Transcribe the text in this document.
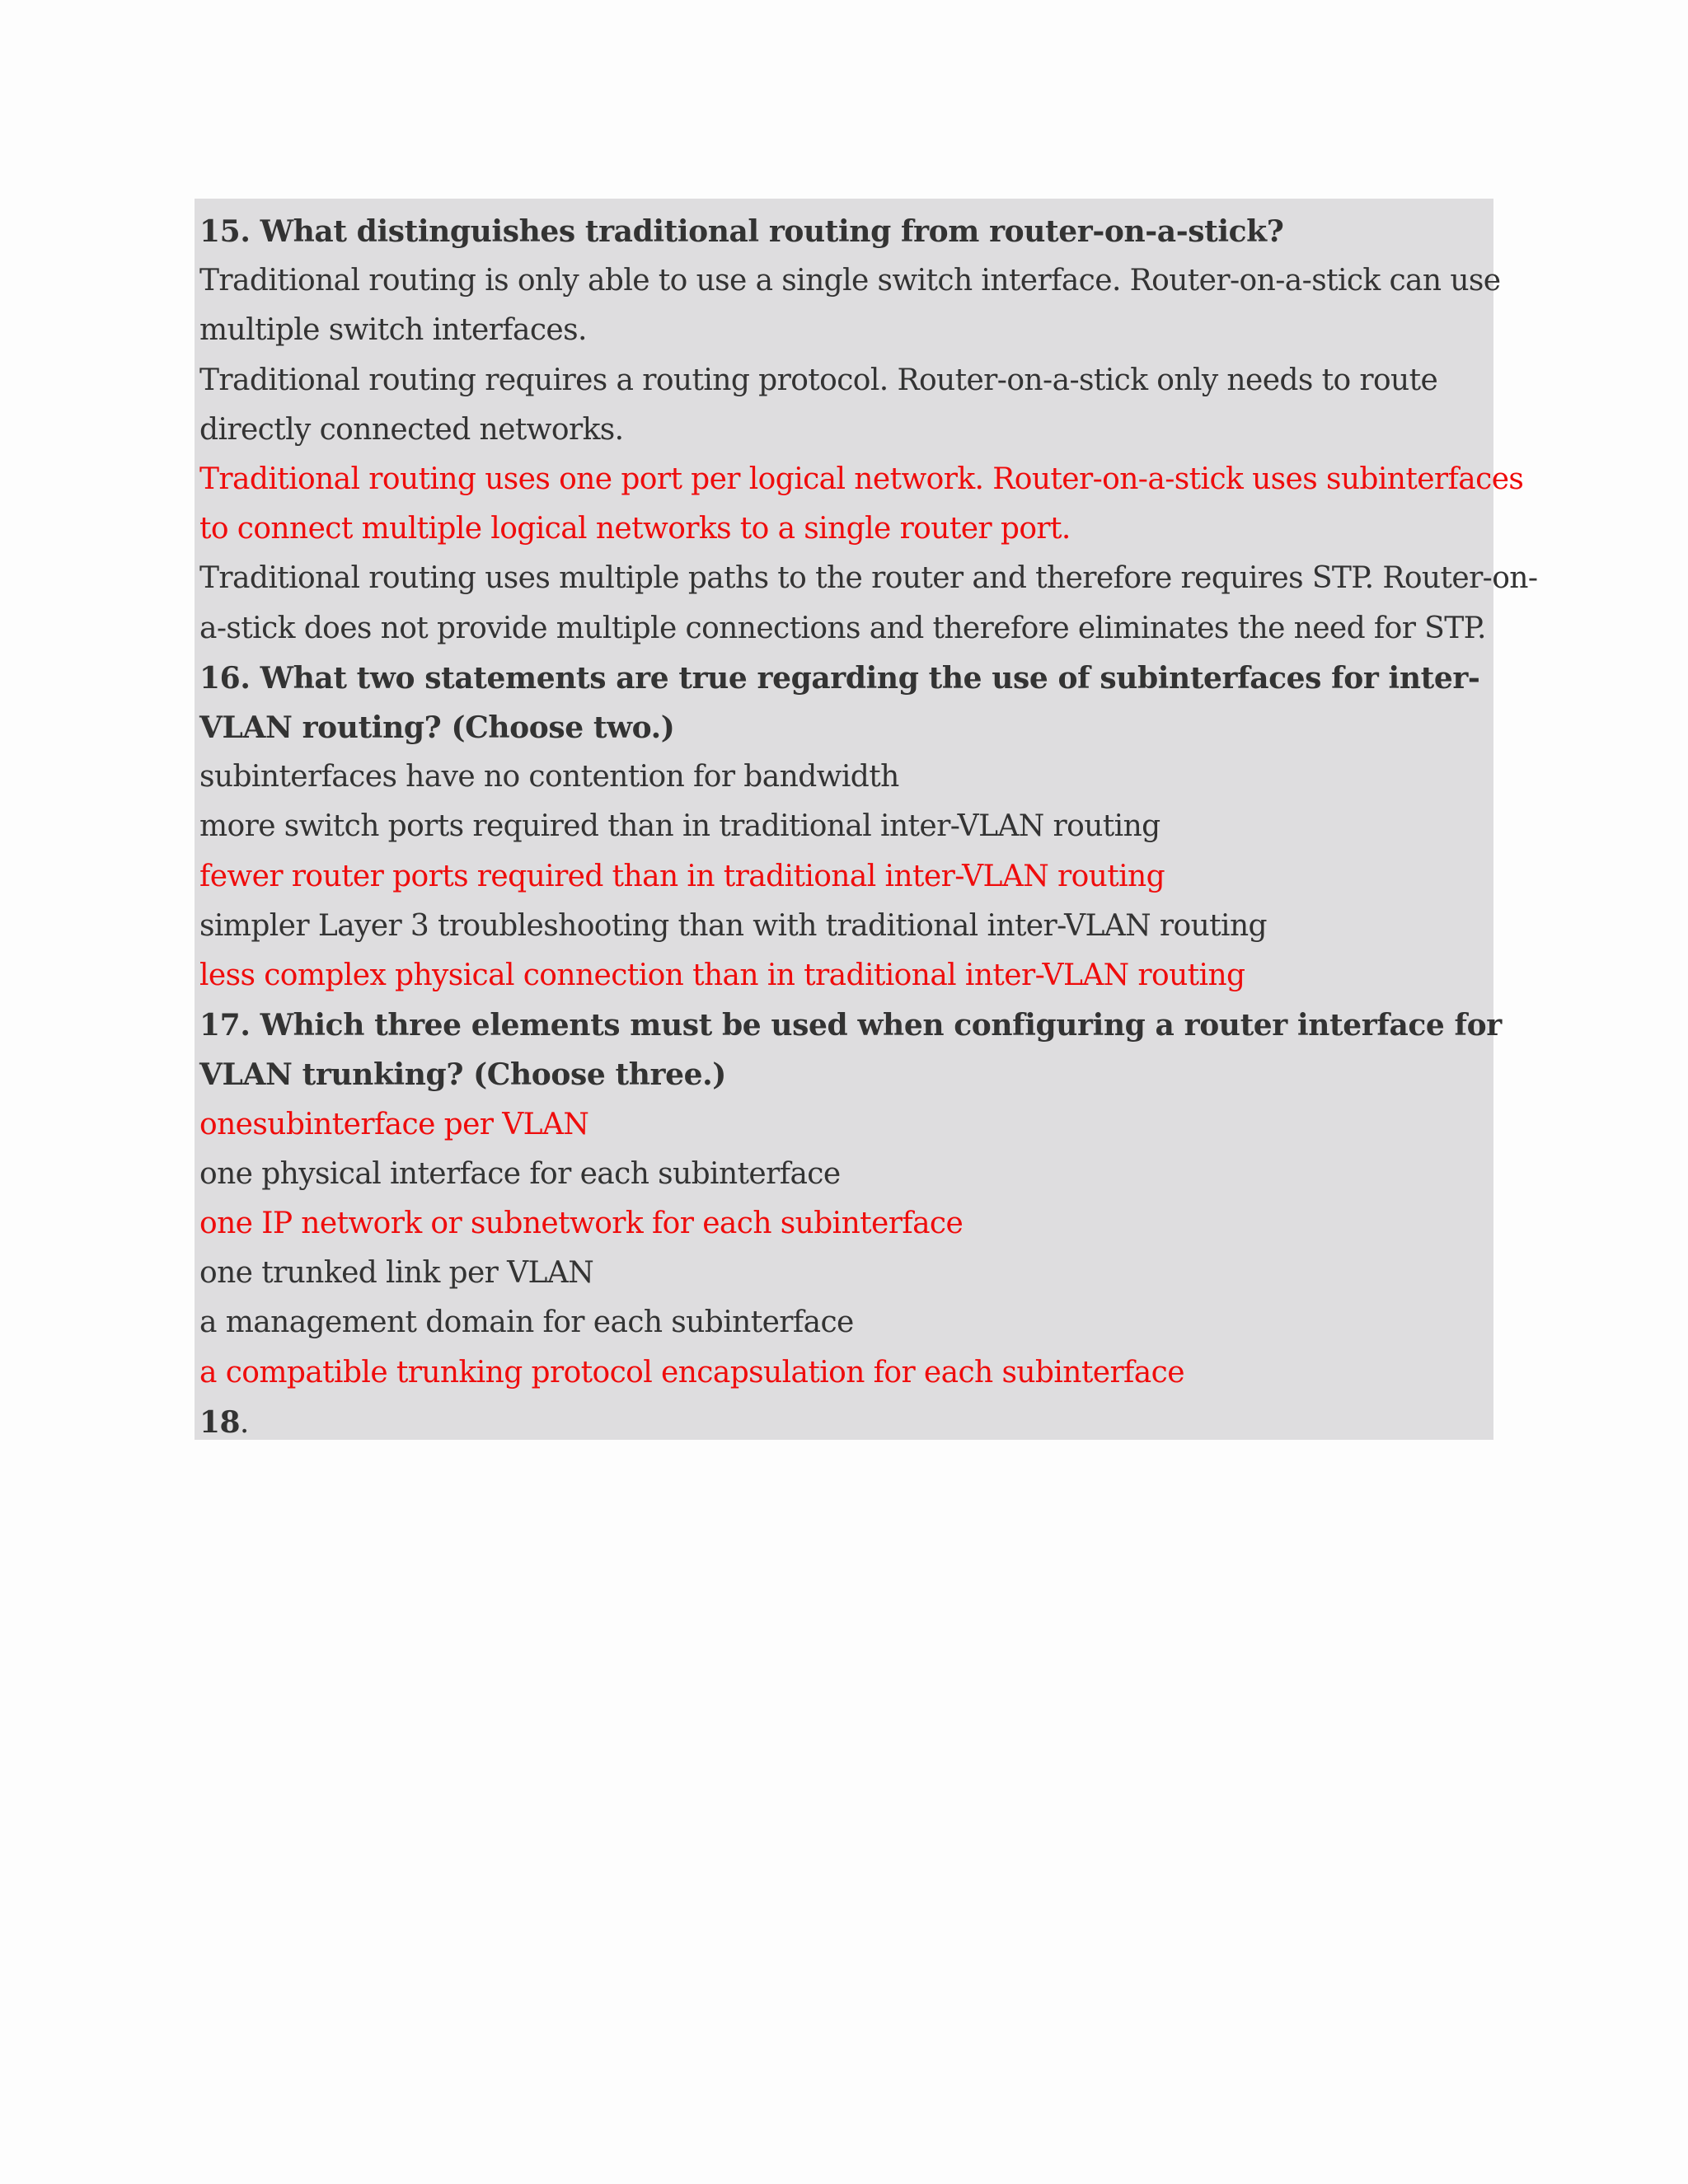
15. What distinguishes traditional routing from router-on-a-stick?
Traditional routing is only able to use a single switch interface. Router-on-a-stick can use
multiple switch interfaces.
Traditional routing requires a routing protocol. Router-on-a-stick only needs to route
directly connected networks.
Traditional routing uses one port per logical network. Router-on-a-stick uses subinterfaces
to connect multiple logical networks to a single router port.
Traditional routing uses multiple paths to the router and therefore requires STP. Router-on-
a-stick does not provide multiple connections and therefore eliminates the need for STP.
16. What two statements are true regarding the use of subinterfaces for inter-
VLAN routing? (Choose two.)
subinterfaces have no contention for bandwidth
more switch ports required than in traditional inter-VLAN routing
fewer router ports required than in traditional inter-VLAN routing
simpler Layer 3 troubleshooting than with traditional inter-VLAN routing
less complex physical connection than in traditional inter-VLAN routing
17. Which three elements must be used when configuring a router interface for
VLAN trunking? (Choose three.)
onesubinterface per VLAN
one physical interface for each subinterface
one IP network or subnetwork for each subinterface
one trunked link per VLAN
a management domain for each subinterface
a compatible trunking protocol encapsulation for each subinterface
18.
